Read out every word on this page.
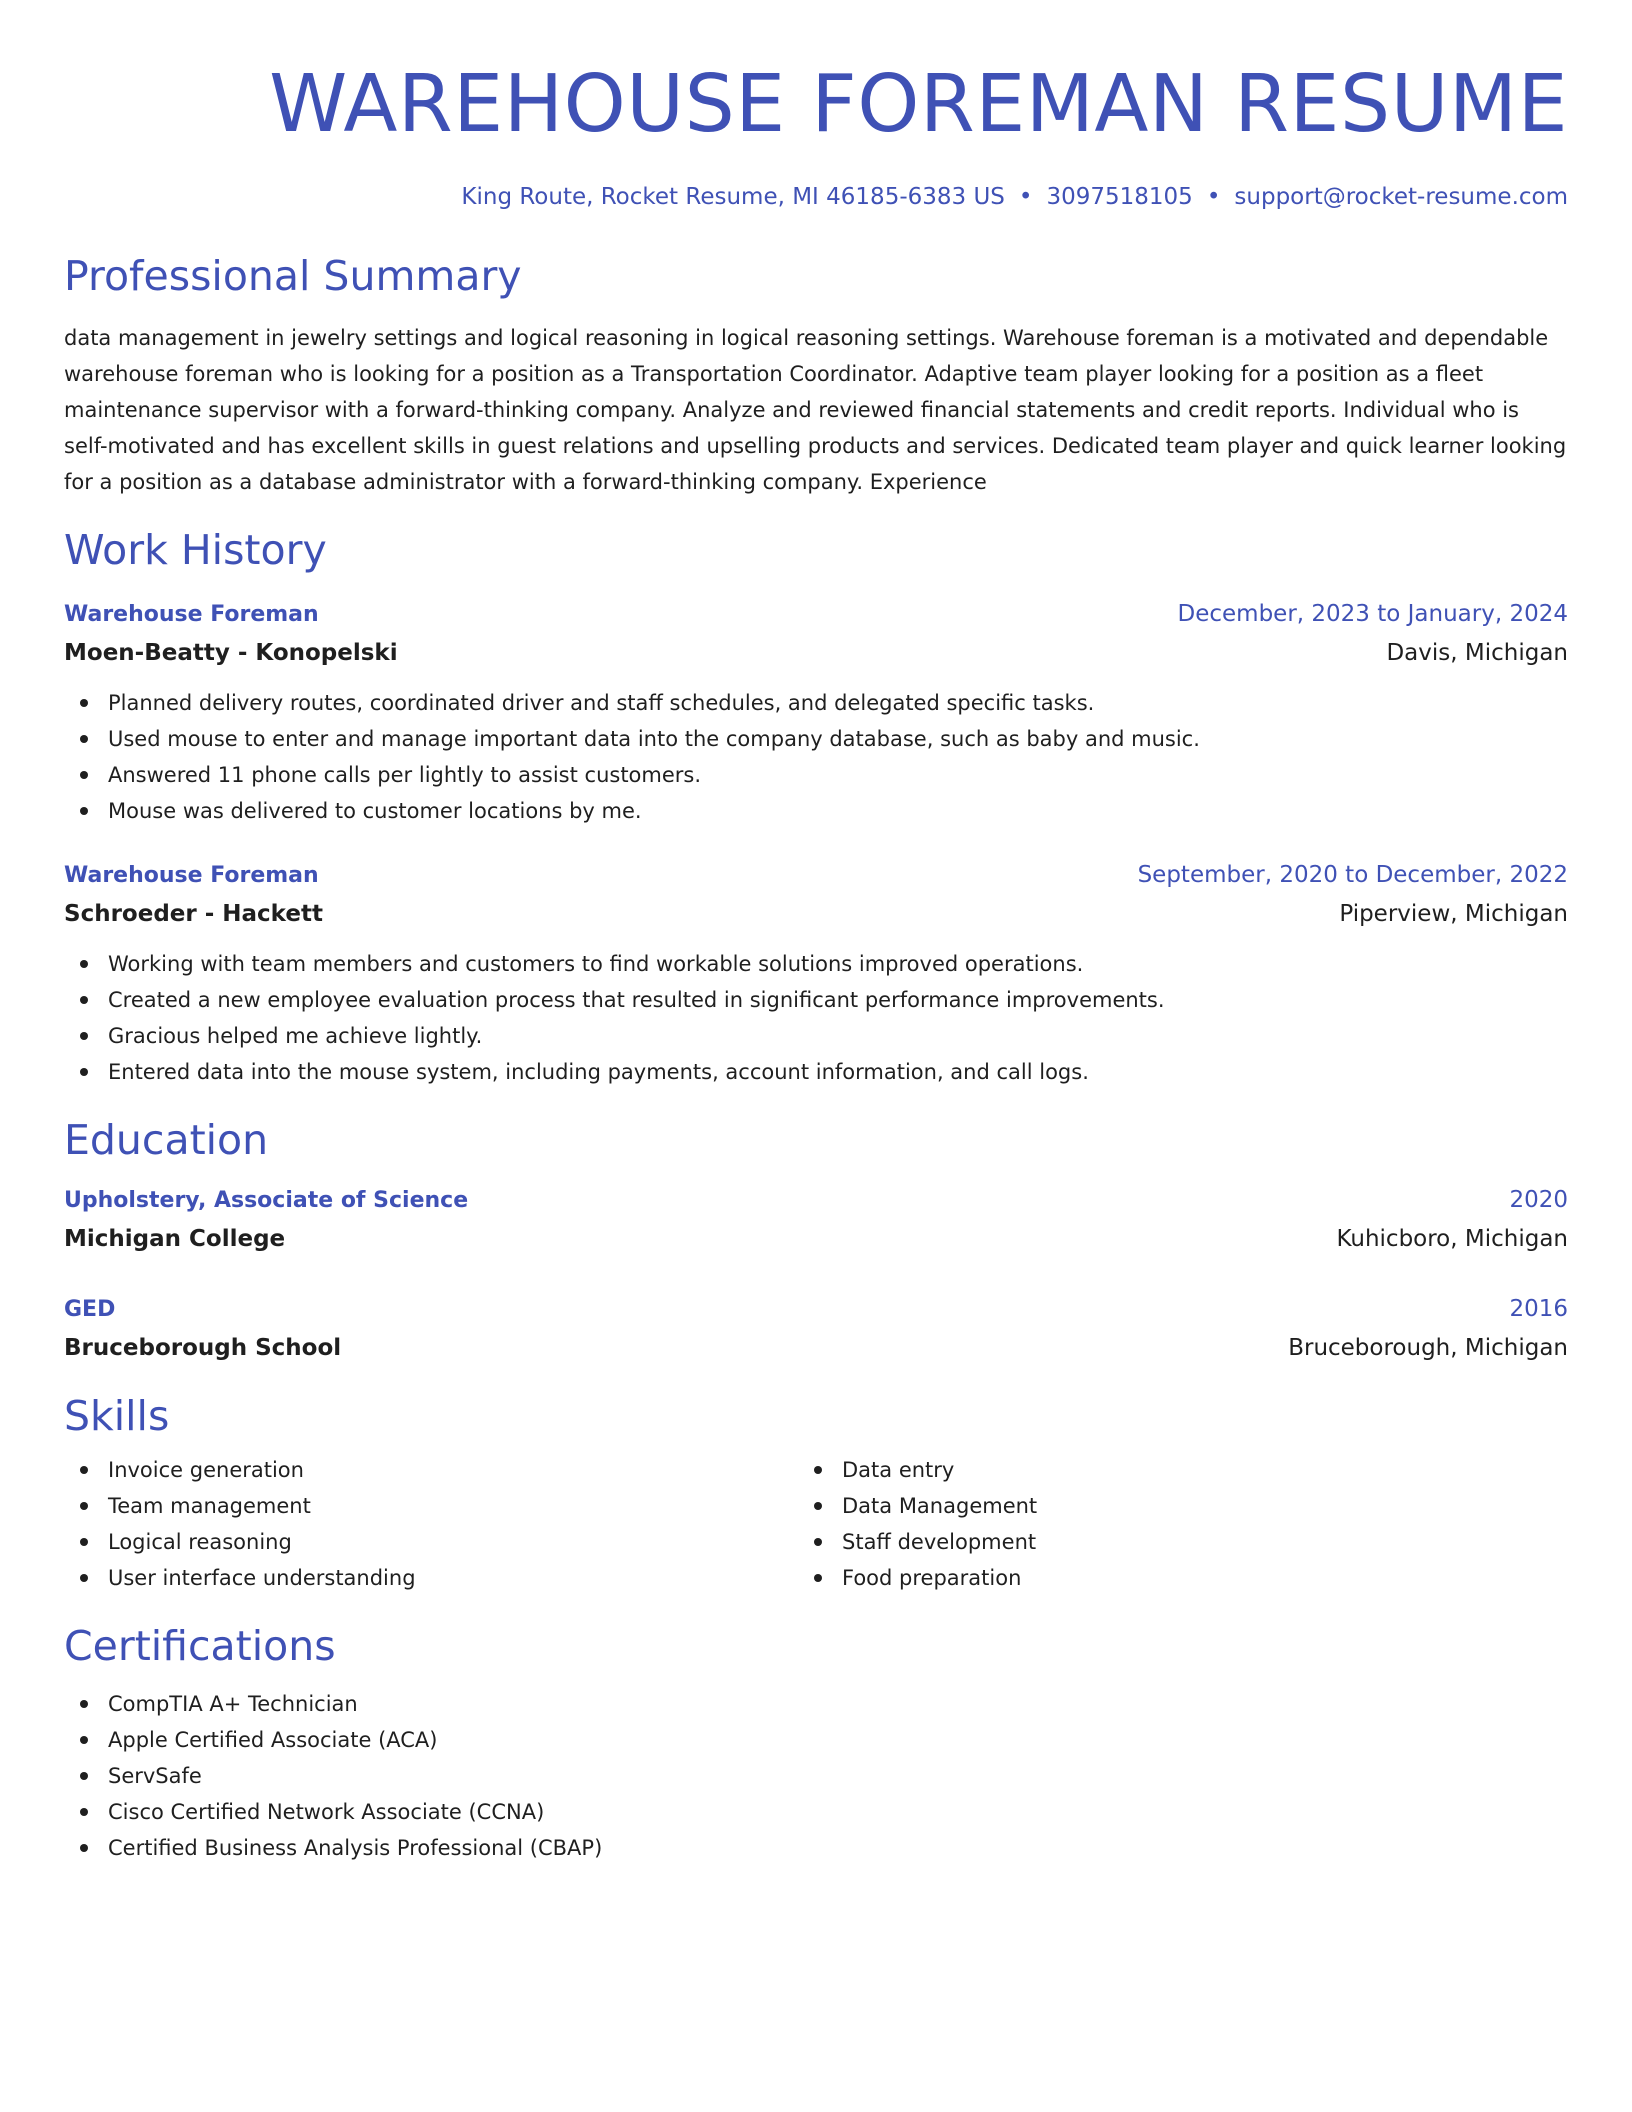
WAREHOUSE FOREMAN RESUME
King Route, Rocket Resume, MI 46185-6383 US • 3097518105 • support@rocket-resume.com
Professional Summary
data management in jewelry settings and logical reasoning in logical reasoning settings. Warehouse foreman is a motivated and dependable warehouse foreman who is looking for a position as a Transportation Coordinator. Adaptive team player looking for a position as a fleet maintenance supervisor with a forward-thinking company. Analyze and reviewed financial statements and credit reports. Individual who is self-motivated and has excellent skills in guest relations and upselling products and services. Dedicated team player and quick learner looking for a position as a database administrator with a forward-thinking company. Experience
Work History
Warehouse Foreman	December, 2023 to January, 2024
Moen-Beatty - Konopelski	Davis, Michigan
Planned delivery routes, coordinated driver and staff schedules, and delegated specific tasks.
Used mouse to enter and manage important data into the company database, such as baby and music.
Answered 11 phone calls per lightly to assist customers.
Mouse was delivered to customer locations by me.
Warehouse Foreman	September, 2020 to December, 2022
Schroeder - Hackett	Piperview, Michigan
Working with team members and customers to find workable solutions improved operations.
Created a new employee evaluation process that resulted in significant performance improvements.
Gracious helped me achieve lightly.
Entered data into the mouse system, including payments, account information, and call logs.
Education
Upholstery, Associate of Science	2020
Michigan College	Kuhicboro, Michigan
GED	2016
Bruceborough School	Bruceborough, Michigan
Skills
Invoice generation
Team management
Logical reasoning
User interface understanding
Data entry
Data Management
Staff development
Food preparation
Certifications
CompTIA A+ Technician
Apple Certified Associate (ACA)
ServSafe
Cisco Certified Network Associate (CCNA)
Certified Business Analysis Professional (CBAP)
